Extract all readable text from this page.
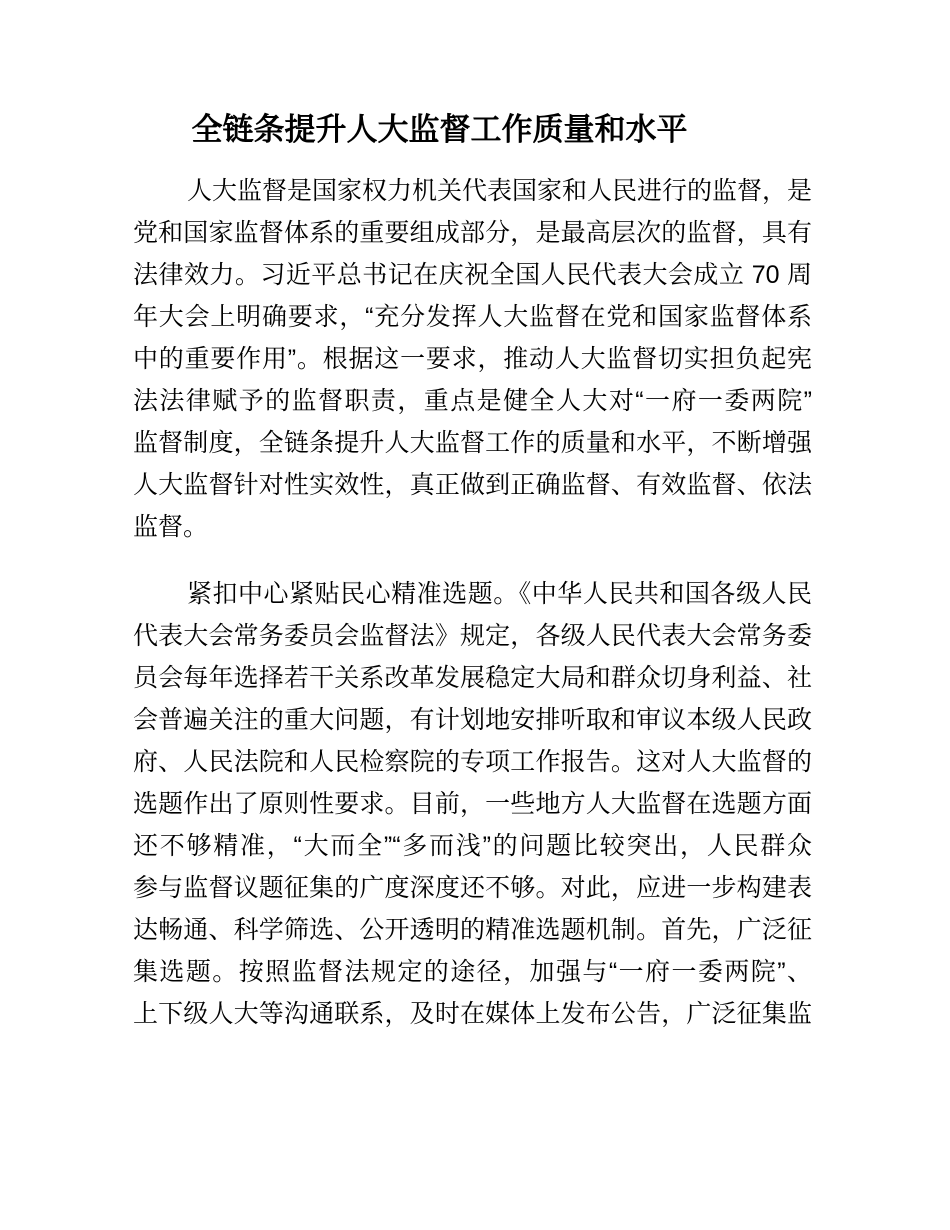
全链条提升人大监督工作质量和水平
人大监督是国家权力机关代表国家和人民进行的监督，是
党和国家监督体系的重要组成部分，是最高层次的监督，具有
法律效力。习近平总书记在庆祝全国人民代表大会成立 70 周
年大会上明确要求，“充分发挥人大监督在党和国家监督体系
中的重要作用”。根据这一要求，推动人大监督切实担负起宪
法法律赋予的监督职责，重点是健全人大对“一府一委两院”
监督制度，全链条提升人大监督工作的质量和水平，不断增强
人大监督针对性实效性，真正做到正确监督、有效监督、依法
监督。
紧扣中心紧贴民心精准选题。《中华人民共和国各级人民
代表大会常务委员会监督法》规定，各级人民代表大会常务委
员会每年选择若干关系改革发展稳定大局和群众切身利益、社
会普遍关注的重大问题，有计划地安排听取和审议本级人民政
府、人民法院和人民检察院的专项工作报告。这对人大监督的
选题作出了原则性要求。目前，一些地方人大监督在选题方面
还不够精准，“大而全”“多而浅”的问题比较突出，人民群众
参与监督议题征集的广度深度还不够。对此，应进一步构建表
达畅通、科学筛选、公开透明的精准选题机制。首先，广泛征
集选题。按照监督法规定的途径，加强与“一府一委两院”、
上下级人大等沟通联系，及时在媒体上发布公告，广泛征集监
